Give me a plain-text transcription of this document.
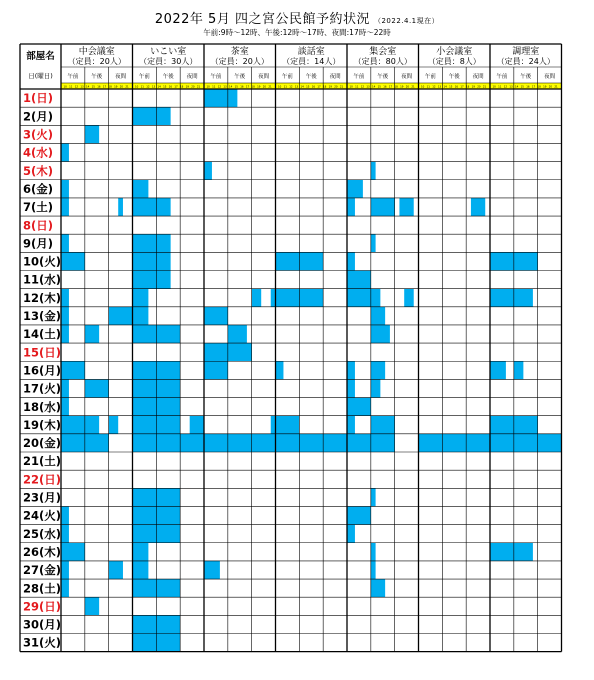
2022年 5月 四之宮公民館予約状況 （2022.4.1現在）
午前:9時～12時、午後:12時～17時、夜間:17時～22時
部屋名
日(曜日)
中会議室
（定員：20人）
午前 午後 夜間
10 11 12 13 14 15 16 17 18 19 20 21
いこい室
（定員：30人）
午前 午後 夜間
10 11 12 13 14 15 16 17 18 19 20 21
茶室
（定員：20人）
午前 午後 夜間
10 11 12 13 14 15 16 17 18 19 20 21
談話室
（定員：14人）
午前 午後 夜間
10 11 12 13 14 15 16 17 18 19 20 21
集会室
（定員：80人）
午前 午後 夜間
10 11 12 13 14 15 16 17 18 19 20 21
小会議室
（定員：8人）
午前 午後 夜間
10 11 12 13 14 15 16 17 18 19 20 21
調理室
（定員：24人）
午前 午後 夜間
10 11 12 13 14 15 16 17 18 19 20 21
1(日)
2(月)
3(火)
4(水)
5(木)
6(金)
7(土)
8(日)
9(月)
10(火)
11(水)
12(木)
13(金)
14(土)
15(日)
16(月)
17(火)
18(水)
19(木)
20(金)
21(土)
22(日)
23(月)
24(火)
25(水)
26(木)
27(金)
28(土)
29(日)
30(月)
31(火)
